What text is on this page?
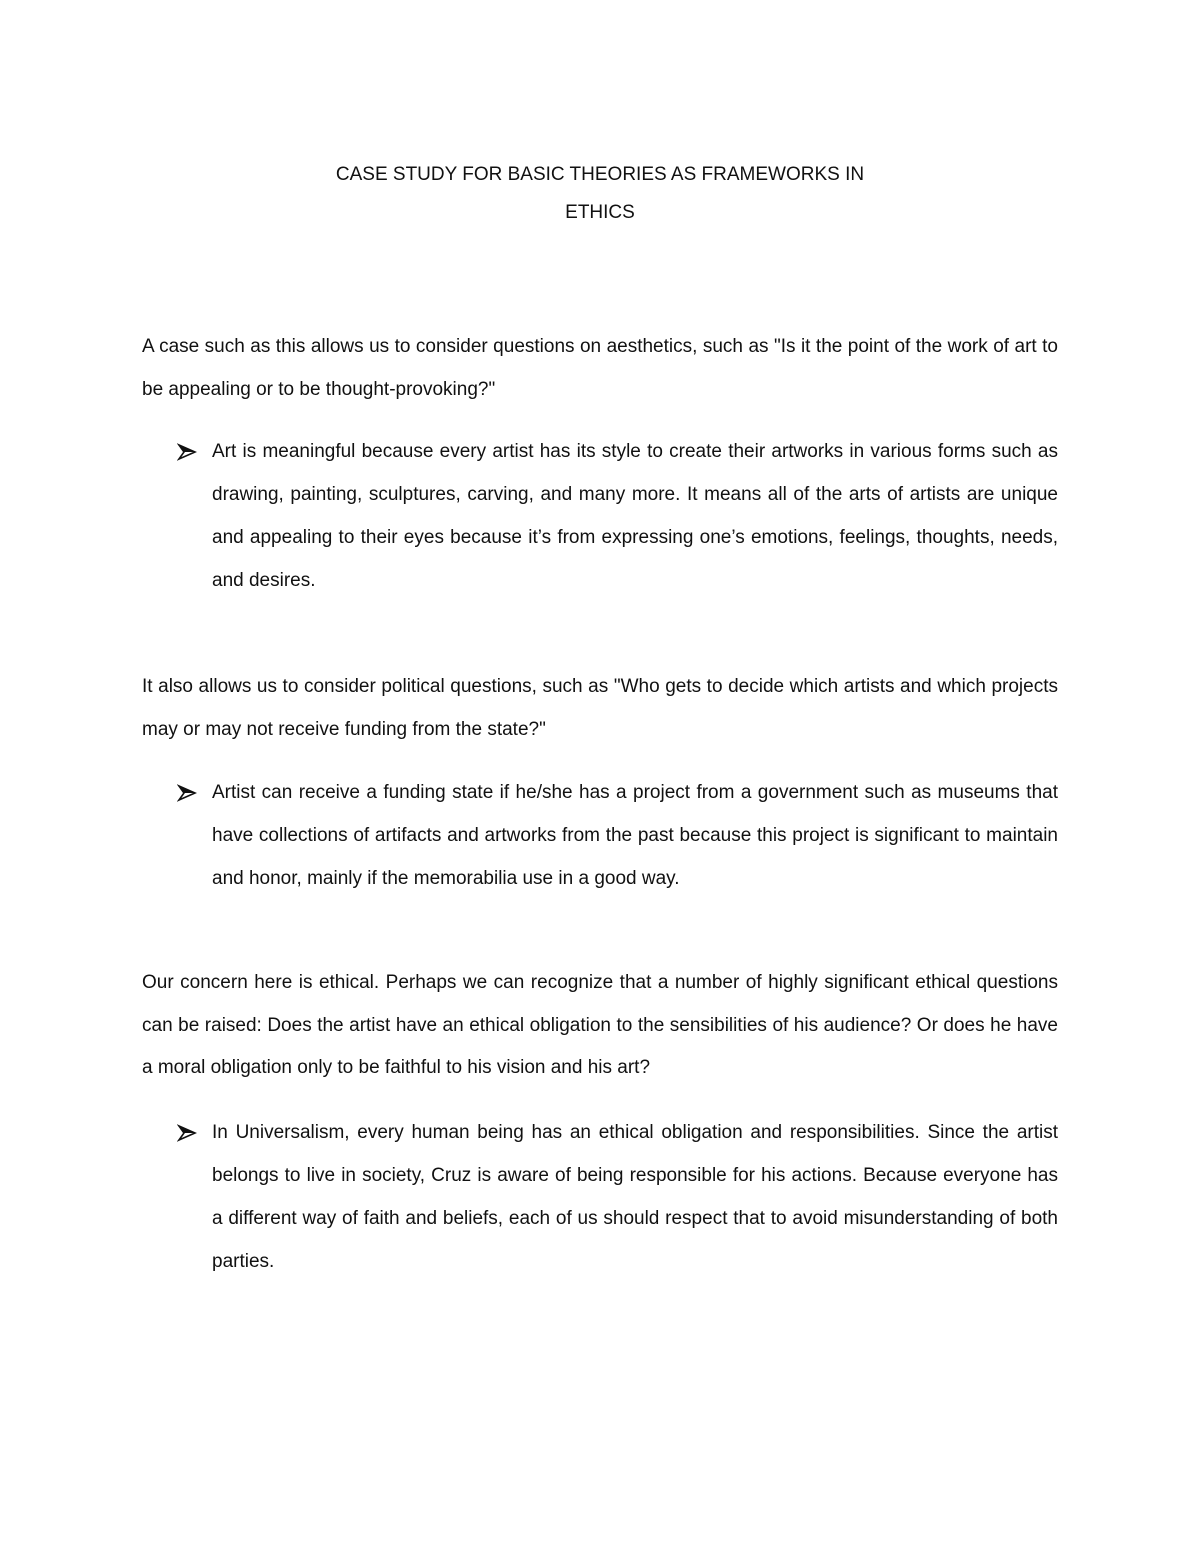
CASE STUDY FOR BASIC THEORIES AS FRAMEWORKS IN
ETHICS

A case such as this allows us to consider questions on aesthetics, such as "Is it the point of the work of art to be appealing or to be thought-provoking?"

Art is meaningful because every artist has its style to create their artworks in various forms such as drawing, painting, sculptures, carving, and many more. It means all of the arts of artists are unique and appealing to their eyes because it’s from expressing one’s emotions, feelings, thoughts, needs, and desires.

It also allows us to consider political questions, such as "Who gets to decide which artists and which projects may or may not receive funding from the state?"

Artist can receive a funding state if he/she has a project from a government such as museums that have collections of artifacts and artworks from the past because this project is significant to maintain and honor, mainly if the memorabilia use in a good way.

Our concern here is ethical. Perhaps we can recognize that a number of highly significant ethical questions can be raised: Does the artist have an ethical obligation to the sensibilities of his audience? Or does he have a moral obligation only to be faithful to his vision and his art?

In Universalism, every human being has an ethical obligation and responsibilities. Since the artist belongs to live in society, Cruz is aware of being responsible for his actions. Because everyone has a different way of faith and beliefs, each of us should respect that to avoid misunderstanding of both parties.
